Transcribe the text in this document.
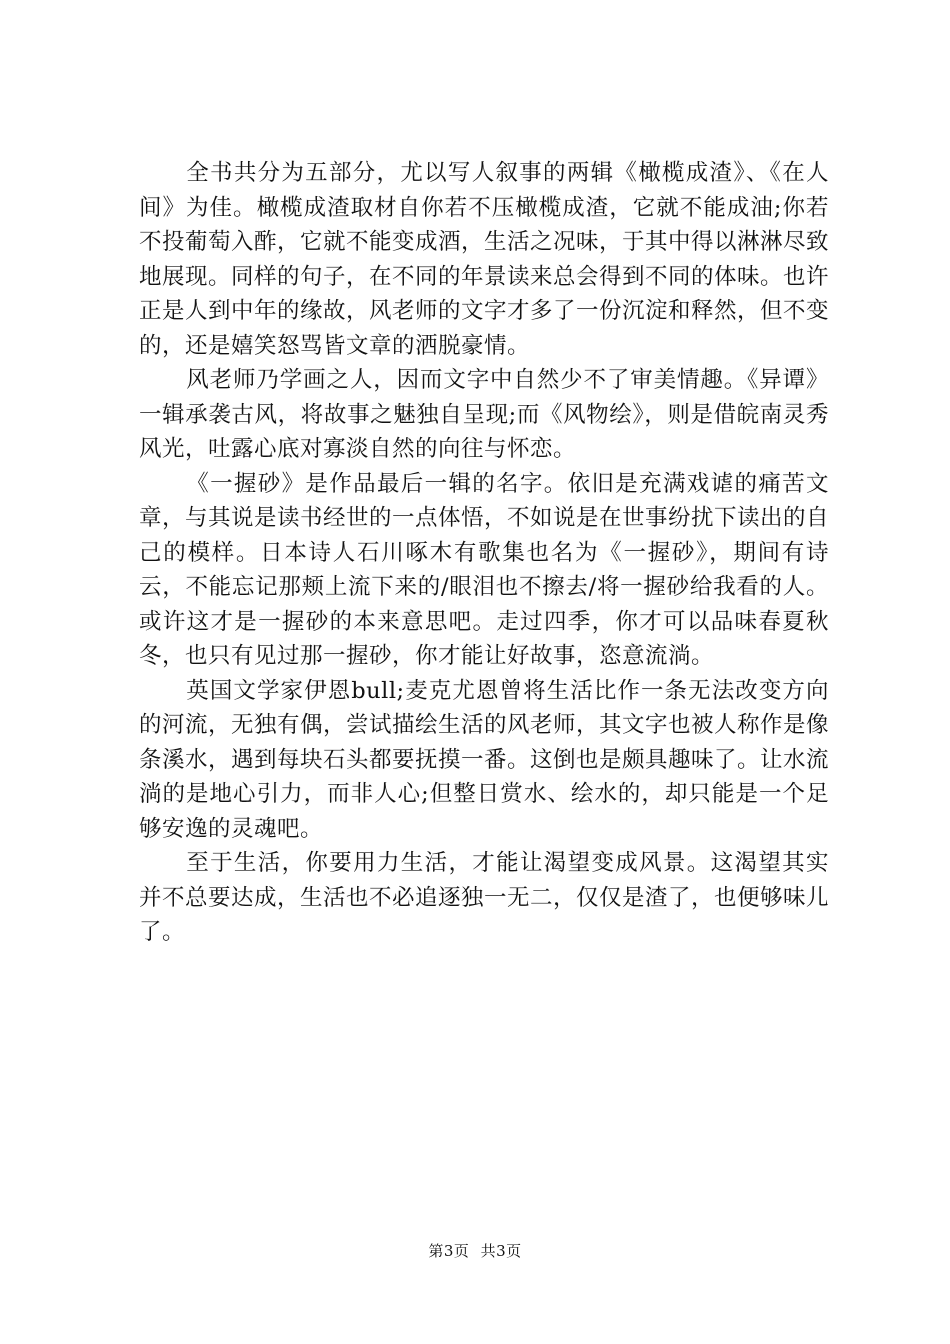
全书共分为五部分，尤以写人叙事的两辑《橄榄成渣》、《在人间》为佳。橄榄成渣取材自你若不压橄榄成渣，它就不能成油;你若不投葡萄入酢，它就不能变成酒，生活之况味，于其中得以淋淋尽致地展现。同样的句子，在不同的年景读来总会得到不同的体味。也许正是人到中年的缘故，风老师的文字才多了一份沉淀和释然，但不变的，还是嬉笑怒骂皆文章的洒脱豪情。

风老师乃学画之人，因而文字中自然少不了审美情趣。《异谭》一辑承袭古风，将故事之魅独自呈现;而《风物绘》，则是借皖南灵秀风光，吐露心底对寡淡自然的向往与怀恋。

《一握砂》是作品最后一辑的名字。依旧是充满戏谑的痛苦文章，与其说是读书经世的一点体悟，不如说是在世事纷扰下读出的自己的模样。日本诗人石川啄木有歌集也名为《一握砂》，期间有诗云，不能忘记那颊上流下来的/眼泪也不擦去/将一握砂给我看的人。或许这才是一握砂的本来意思吧。走过四季，你才可以品味春夏秋冬，也只有见过那一握砂，你才能让好故事，恣意流淌。

英国文学家伊恩bull;麦克尤恩曾将生活比作一条无法改变方向的河流，无独有偶，尝试描绘生活的风老师，其文字也被人称作是像条溪水，遇到每块石头都要抚摸一番。这倒也是颇具趣味了。让水流淌的是地心引力，而非人心;但整日赏水、绘水的，却只能是一个足够安逸的灵魂吧。

至于生活，你要用力生活，才能让渴望变成风景。这渴望其实并不总要达成，生活也不必追逐独一无二，仅仅是渣了，也便够味儿了。

第3页 共3页
